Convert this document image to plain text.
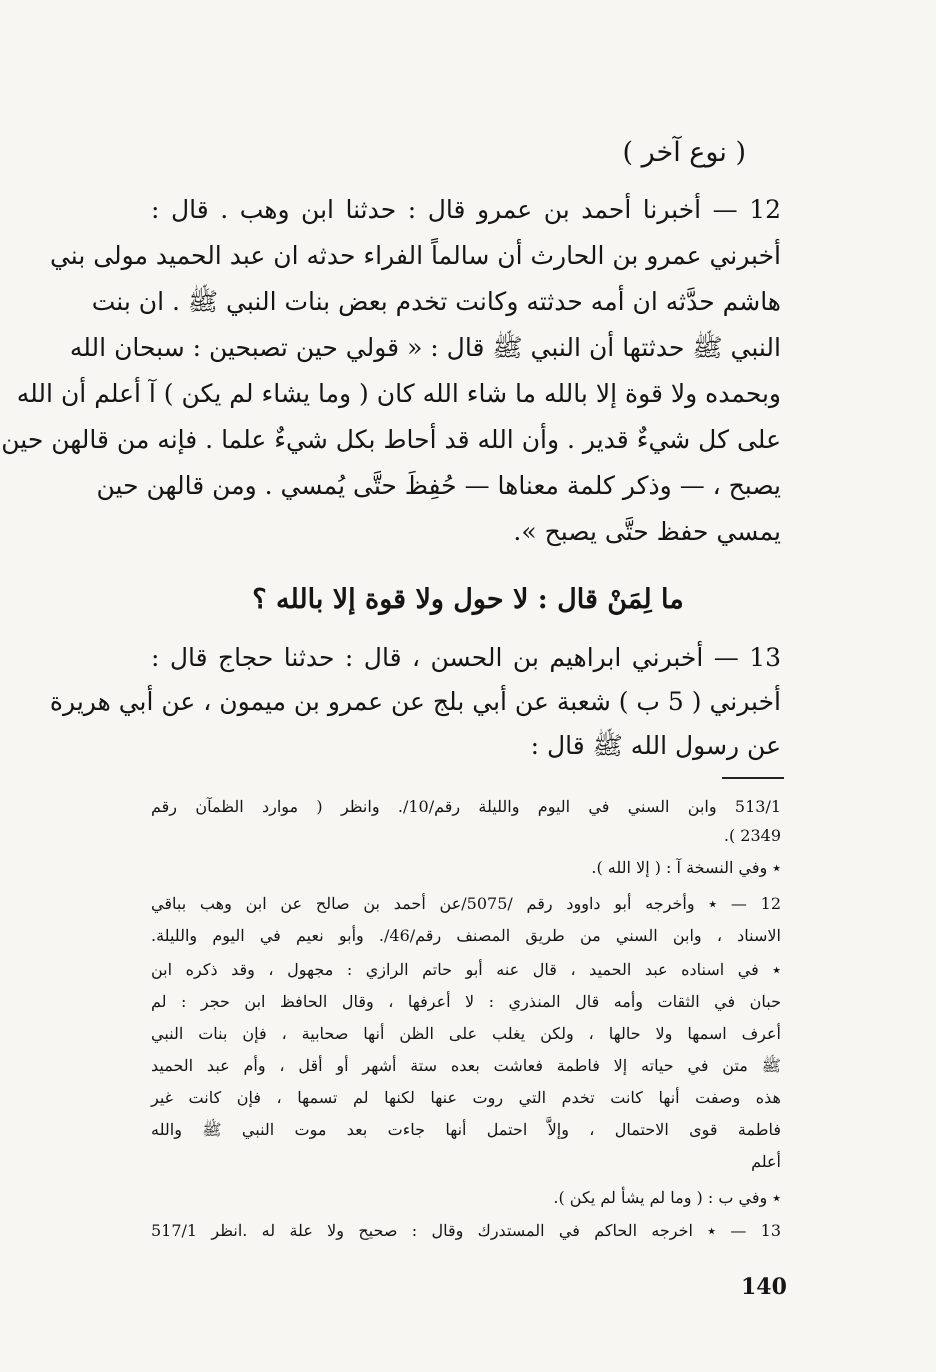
( نوع آخر )
12 — أخبرنا أحمد بن عمرو قال : حدثنا ابن وهب . قال :
أخبرني عمرو بن الحارث أن سالماً الفراء حدثه ان عبد الحميد مولى بني
هاشم حدَّثه ان أمه حدثته وكانت تخدم بعض بنات النبي ﷺ . ان بنت
النبي ﷺ حدثتها أن النبي ﷺ قال : « قولي حين تصبحين : سبحان الله
وبحمده ولا قوة إلا بالله ما شاء الله كان ( وما يشاء لم يكن ) آ أعلم أن الله
على كل شيءٌ قدير . وأن الله قد أحاط بكل شيءٌ علما . فإنه من قالهن حين
يصبح ، — وذكر كلمة معناها — حُفِظَ حتَّى يُمسي . ومن قالهن حين
يمسي حفظ حتَّى يصبح ».
ما لِمَنْ قال : لا حول ولا قوة إلا بالله ؟
13 — أخبرني ابراهيم بن الحسن ، قال : حدثنا حجاج قال :
أخبرني ( 5 ب ) شعبة عن أبي بلج عن عمرو بن ميمون ، عن أبي هريرة
عن رسول الله ﷺ قال :
513/1 وابن السني في اليوم والليلة رقم/10/. وانظر ( موارد الظمآن رقم
2349 ).
٭ وفي النسخة آ : ( إلا الله ).
12 — ٭ وأخرجه أبو داوود رقم /5075/عن أحمد بن صالح عن ابن وهب بباقي
الاسناد ، وابن السني من طريق المصنف رقم/46/. وأبو نعيم في اليوم والليلة.
٭ في اسناده عبد الحميد ، قال عنه أبو حاتم الرازي : مجهول ، وقد ذكره ابن
حبان في الثقات وأمه قال المنذري : لا أعرفها ، وقال الحافظ ابن حجر : لم
أعرف اسمها ولا حالها ، ولكن يغلب على الظن أنها صحابية ، فإن بنات النبي
ﷺ متن في حياته إلا فاطمة فعاشت بعده ستة أشهر أو أقل ، وأم عبد الحميد
هذه وصفت أنها كانت تخدم التي روت عنها لكنها لم تسمها ، فإن كانت غير
فاطمة قوى الاحتمال ، وإلاَّ احتمل أنها جاءت بعد موت النبي ﷺ والله
أعلم
٭ وفي ب : ( وما لم يشأ لم يكن ).
13 — ٭ اخرجه الحاكم في المستدرك وقال : صحيح ولا علة له .انظر 517/1
140
